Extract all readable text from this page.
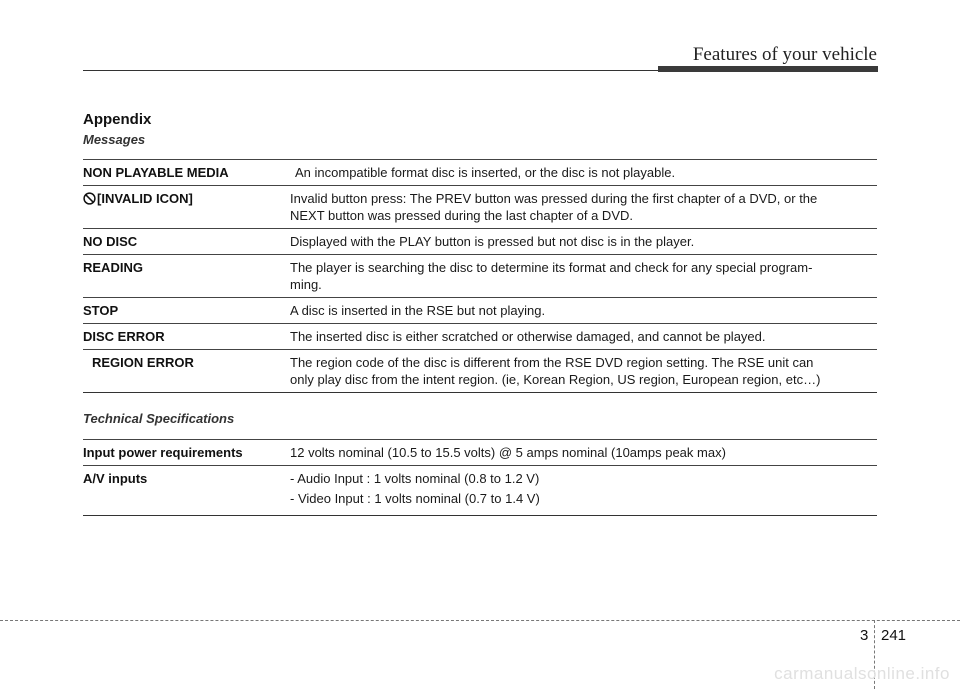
Features of your vehicle
Appendix
Messages
NON PLAYABLE MEDIA	An incompatible format disc is inserted, or the disc is not playable.

[INVALID ICON]	Invalid button press: The PREV button was pressed during the first chapter of a DVD, or the
NEXT button was pressed during the last chapter of a DVD.

NO DISC	Displayed with the PLAY button is pressed but not disc is in the player.

READING	The player is searching the disc to determine its format and check for any special program-
ming.

STOP	A disc is inserted in the RSE but not playing.

DISC ERROR	The inserted disc is either scratched or otherwise damaged, and cannot be played.

REGION ERROR	The region code of the disc is different from the RSE DVD region setting. The RSE unit can
only play disc from the intent region. (ie, Korean Region, US region, European region, etc…)
Technical Specifications
Input power requirements	12 volts nominal (10.5 to 15.5 volts) @ 5 amps nominal (10amps peak max)

A/V inputs	- Audio Input : 1 volts nominal (0.8 to 1.2 V)
- Video Input : 1 volts nominal (0.7 to 1.4 V)
3 241
carmanualsonline.info
